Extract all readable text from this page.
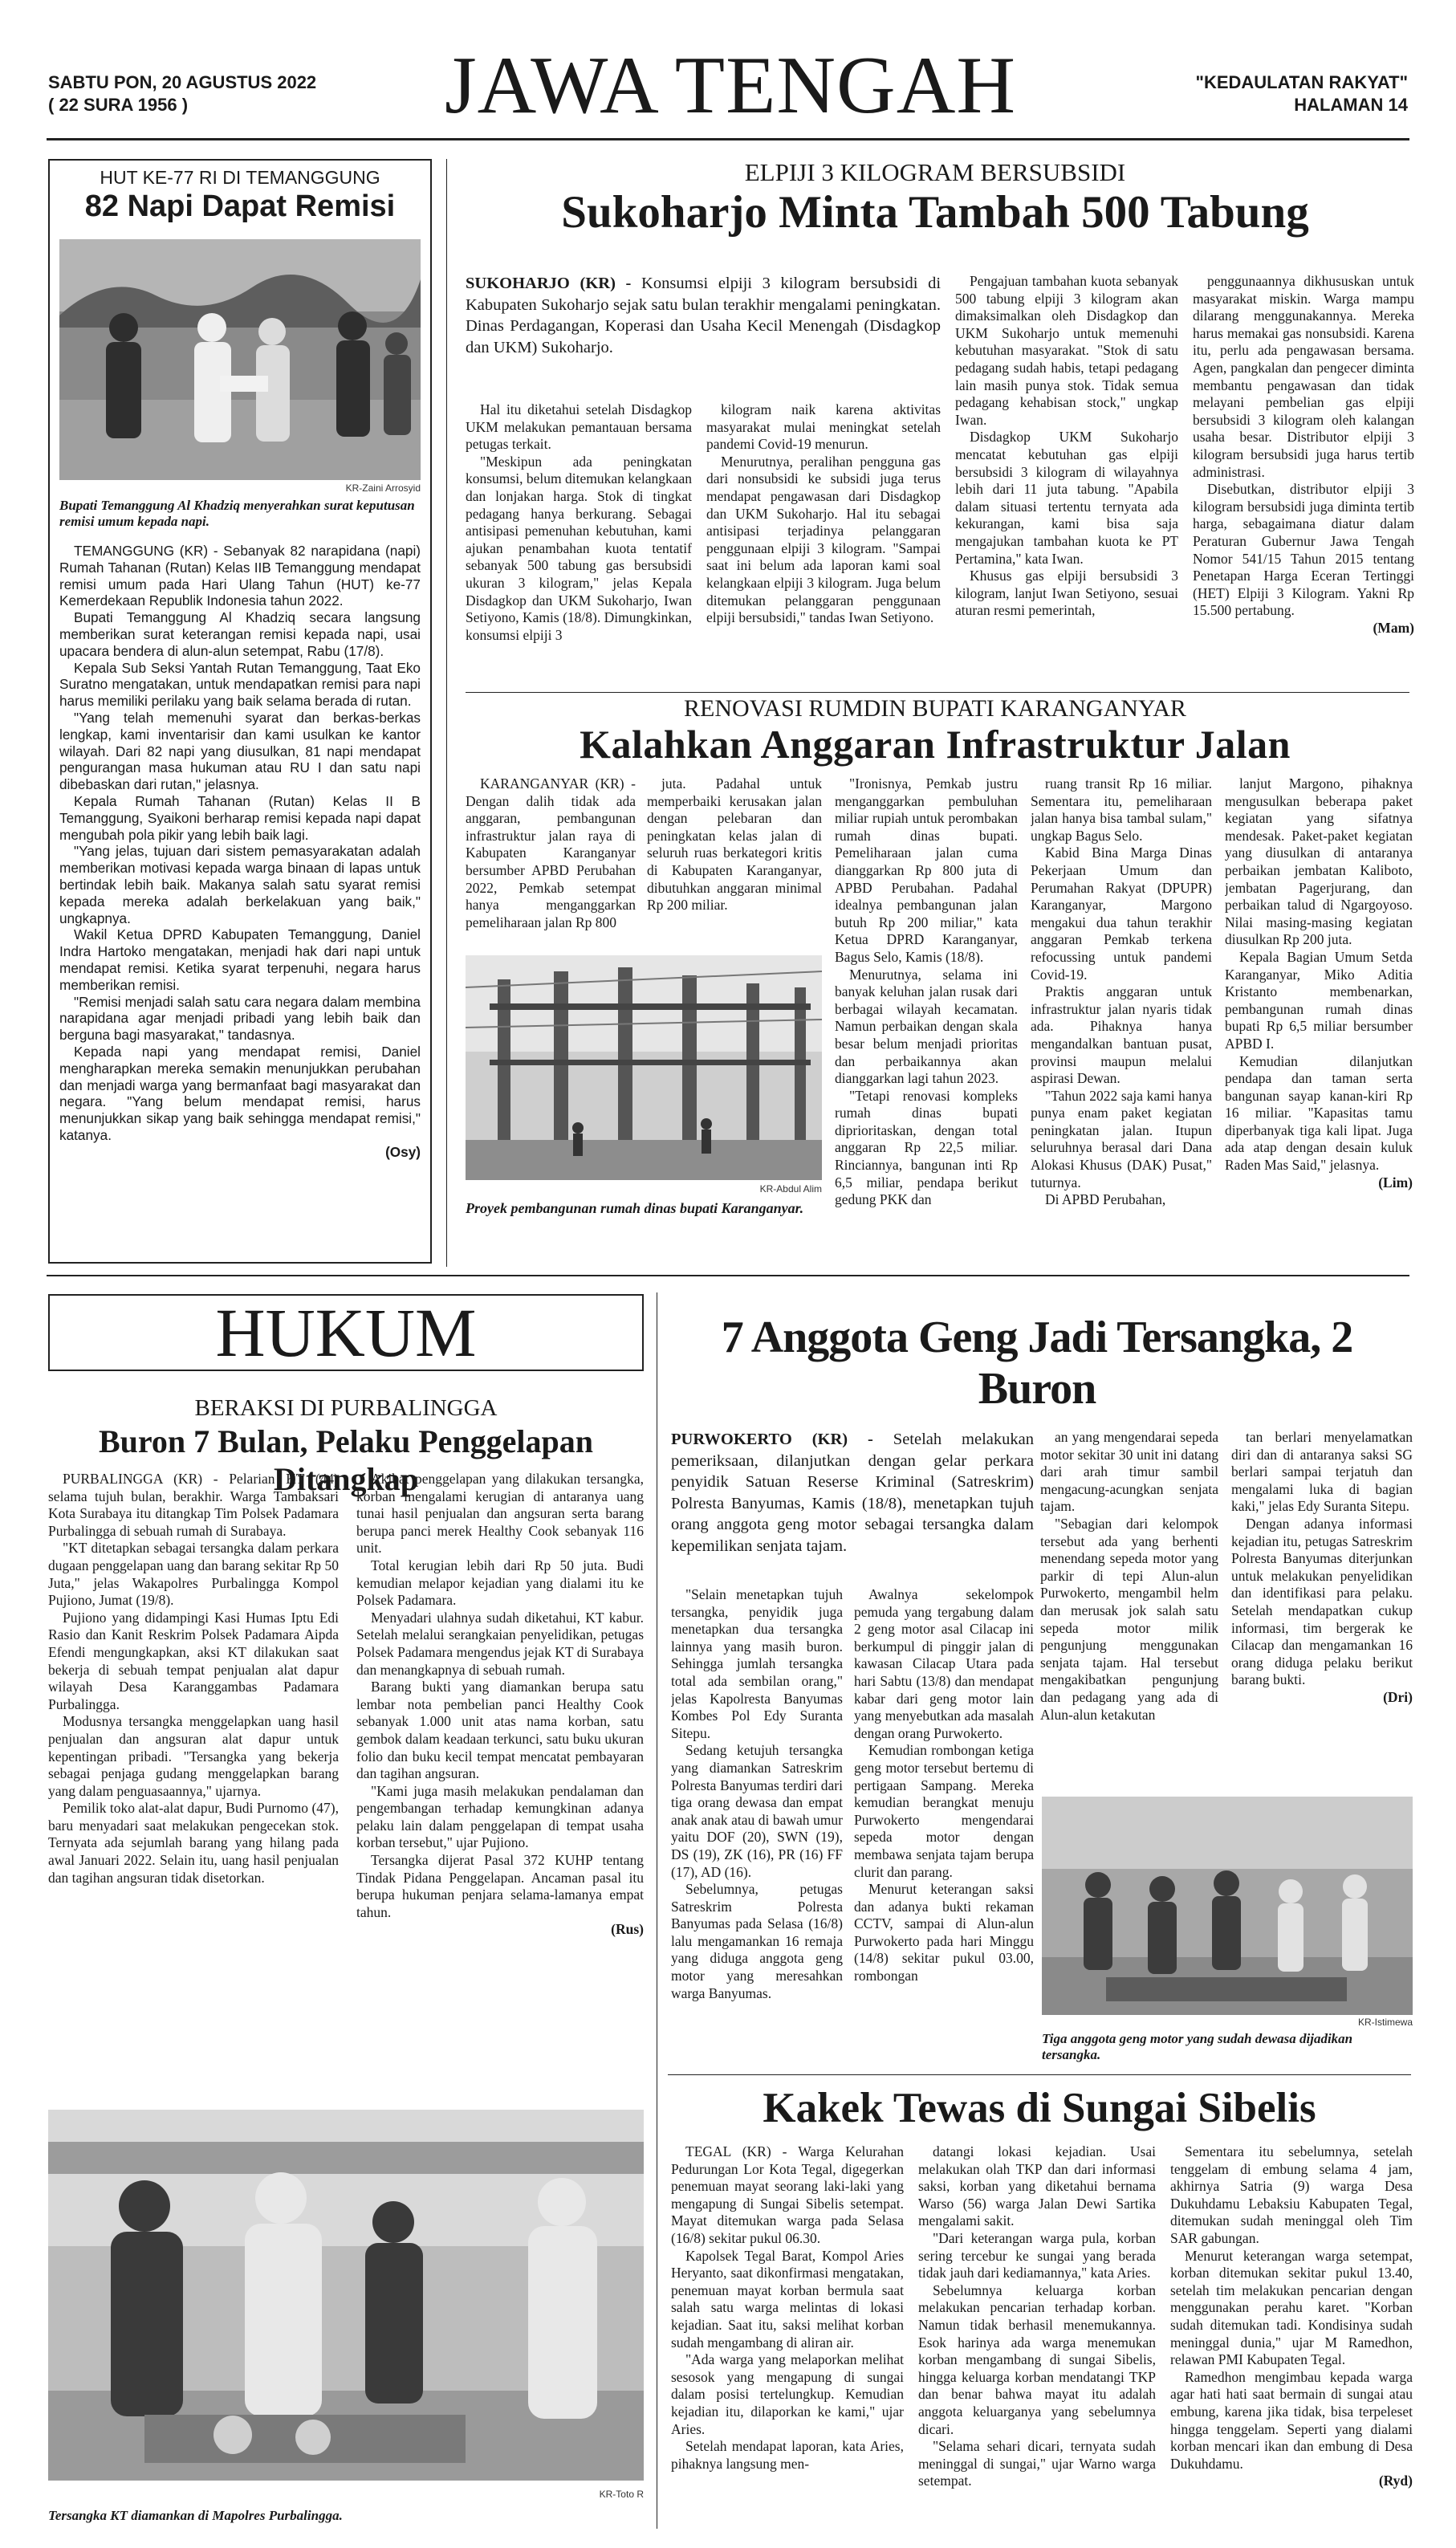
SABTU PON, 20 AGUSTUS 2022
( 22 SURA 1956 )	JAWA TENGAH	"KEDAULATAN RAKYAT"
HALAMAN 14
HUT KE-77 RI DI TEMANGGUNG
82 Napi Dapat Remisi
KR-Zaini Arrosyid
Bupati Temanggung Al Khadziq menyerahkan surat keputusan remisi umum kepada napi.

TEMANGGUNG (KR) - Sebanyak 82 narapidana (napi) Rumah Tahanan (Rutan) Kelas IIB Temanggung mendapat remisi umum pada Hari Ulang Tahun (HUT) ke-77 Kemerdekaan Republik Indonesia tahun 2022.

Bupati Temanggung Al Khadziq secara langsung memberikan surat keterangan remisi kepada napi, usai upacara bendera di alun-alun setempat, Rabu (17/8).

Kepala Sub Seksi Yantah Rutan Temanggung, Taat Eko Suratno mengatakan, untuk mendapatkan remisi para napi harus memiliki perilaku yang baik selama berada di rutan.

"Yang telah memenuhi syarat dan berkas-berkas lengkap, kami inventarisir dan kami usulkan ke kantor wilayah. Dari 82 napi yang diusulkan, 81 napi mendapat pengurangan masa hukuman atau RU I dan satu napi dibebaskan dari rutan," jelasnya.

Kepala Rumah Tahanan (Rutan) Kelas II B Temanggung, Syaikoni berharap remisi kepada napi dapat mengubah pola pikir yang lebih baik lagi.

"Yang jelas, tujuan dari sistem pemasyarakatan adalah memberikan motivasi kepada warga binaan di lapas untuk bertindak lebih baik. Makanya salah satu syarat remisi kepada mereka adalah berkelakuan yang baik," ungkapnya.

Wakil Ketua DPRD Kabupaten Temanggung, Daniel Indra Hartoko mengatakan, menjadi hak dari napi untuk mendapat remisi. Ketika syarat terpenuhi, negara harus memberikan remisi.

"Remisi menjadi salah satu cara negara dalam membina narapidana agar menjadi pribadi yang lebih baik dan berguna bagi masyarakat," tandasnya.

Kepada napi yang mendapat remisi, Daniel mengharapkan mereka semakin menunjukkan perubahan dan menjadi warga yang bermanfaat bagi masyarakat dan negara. "Yang belum mendapat remisi, harus menunjukkan sikap yang baik sehingga mendapat remisi," katanya.

(Osy)

ELPIJI 3 KILOGRAM BERSUBSIDI
Sukoharjo Minta Tambah 500 Tabung
SUKOHARJO (KR) - Konsumsi elpiji 3 kilogram bersubsidi di Kabupaten Sukoharjo sejak satu bulan terakhir mengalami peningkatan. Dinas Perdagangan, Koperasi dan Usaha Kecil Menengah (Disdagkop dan UKM) Sukoharjo.

Hal itu diketahui setelah Disdagkop UKM melakukan pemantauan bersama petugas terkait.

"Meskipun ada peningkatan konsumsi, belum ditemukan kelangkaan dan lonjakan harga. Stok di tingkat pedagang hanya berkurang. Sebagai antisipasi pemenuhan kebutuhan, kami ajukan penambahan kuota tentatif sebanyak 500 tabung gas bersubsidi ukuran 3 kilogram," jelas Kepala Disdagkop dan UKM Sukoharjo, Iwan Setiyono, Kamis (18/8). Dimungkinkan, konsumsi elpiji 3

kilogram naik karena aktivitas masyarakat mulai meningkat setelah pandemi Covid-19 menurun.

Menurutnya, peralihan pengguna gas dari nonsubsidi ke subsidi juga terus mendapat pengawasan dari Disdagkop dan UKM Sukoharjo. Hal itu sebagai antisipasi terjadinya pelanggaran penggunaan elpiji 3 kilogram. "Sampai saat ini belum ada laporan kami soal kelangkaan elpiji 3 kilogram. Juga belum ditemukan pelanggaran penggunaan elpiji bersubsidi," tandas Iwan Setiyono.

Pengajuan tambahan kuota sebanyak 500 tabung elpiji 3 kilogram akan dimaksimalkan oleh Disdagkop dan UKM Sukoharjo untuk memenuhi kebutuhan masyarakat. "Stok di satu pedagang sudah habis, tetapi pedagang lain masih punya stok. Tidak semua pedagang kehabisan stock," ungkap Iwan.

Disdagkop UKM Sukoharjo mencatat kebutuhan gas elpiji bersubsidi 3 kilogram di wilayahnya lebih dari 11 juta tabung. "Apabila dalam situasi tertentu ternyata ada kekurangan, kami bisa saja mengajukan tambahan kuota ke PT Pertamina," kata Iwan.

Khusus gas elpiji bersubsidi 3 kilogram, lanjut Iwan Setiyono, sesuai aturan resmi pemerintah,

penggunaannya dikhususkan untuk masyarakat miskin. Warga mampu dilarang menggunakannya. Mereka harus memakai gas nonsubsidi. Karena itu, perlu ada pengawasan bersama. Agen, pangkalan dan pengecer diminta membantu pengawasan dan tidak melayani pembelian gas elpiji bersubsidi 3 kilogram oleh kalangan usaha besar. Distributor elpiji 3 kilogram bersubsidi juga harus tertib administrasi.

Disebutkan, distributor elpiji 3 kilogram bersubsidi juga diminta tertib harga, sebagaimana diatur dalam Peraturan Gubernur Jawa Tengah Nomor 541/15 Tahun 2015 tentang Penetapan Harga Eceran Tertinggi (HET) Elpiji 3 Kilogram. Yakni Rp 15.500 pertabung.

(Mam)

RENOVASI RUMDIN BUPATI KARANGANYAR
Kalahkan Anggaran Infrastruktur Jalan

KARANGANYAR (KR) - Dengan dalih tidak ada anggaran, pembangunan infrastruktur jalan raya di Kabupaten Karanganyar bersumber APBD Perubahan 2022, Pemkab setempat hanya menganggarkan pemeliharaan jalan Rp 800

juta. Padahal untuk memperbaiki kerusakan jalan dengan pelebaran dan peningkatan kelas jalan di seluruh ruas berkategori kritis di Kabupaten Karanganyar, dibutuhkan anggaran minimal Rp 200 miliar.

KR-Abdul Alim
Proyek pembangunan rumah dinas bupati Karanganyar.

"Ironisnya, Pemkab justru menganggarkan pembuluhan miliar rupiah untuk perombakan rumah dinas bupati. Pemeliharaan jalan cuma dianggarkan Rp 800 juta di APBD Perubahan. Padahal idealnya pembangunan jalan butuh Rp 200 miliar," kata Ketua DPRD Karanganyar, Bagus Selo, Kamis (18/8).

Menurutnya, selama ini banyak keluhan jalan rusak dari berbagai wilayah kecamatan. Namun perbaikan dengan skala besar belum menjadi prioritas dan perbaikannya akan dianggarkan lagi tahun 2023.

"Tetapi renovasi kompleks rumah dinas bupati diprioritaskan, dengan total anggaran Rp 22,5 miliar. Rinciannya, bangunan inti Rp 6,5 miliar, pendapa berikut gedung PKK dan

ruang transit Rp 16 miliar. Sementara itu, pemeliharaan jalan hanya bisa tambal sulam," ungkap Bagus Selo.

Kabid Bina Marga Dinas Pekerjaan Umum dan Perumahan Rakyat (DPUPR) Karanganyar, Margono mengakui dua tahun terakhir anggaran Pemkab terkena refocussing untuk pandemi Covid-19.

Praktis anggaran untuk infrastruktur jalan nyaris tidak ada. Pihaknya hanya mengandalkan bantuan pusat, provinsi maupun melalui aspirasi Dewan.

"Tahun 2022 saja kami hanya punya enam paket kegiatan peningkatan jalan. Itupun seluruhnya berasal dari Dana Alokasi Khusus (DAK) Pusat," tuturnya.

Di APBD Perubahan,

lanjut Margono, pihaknya mengusulkan beberapa paket kegiatan yang sifatnya mendesak. Paket-paket kegiatan yang diusulkan di antaranya perbaikan jembatan Kaliboto, jembatan Pagerjurang, dan perbaikan talud di Ngargoyoso. Nilai masing-masing kegiatan diusulkan Rp 200 juta.

Kepala Bagian Umum Setda Karanganyar, Miko Aditia Kristanto membenarkan, pembangunan rumah dinas bupati Rp 6,5 miliar bersumber APBD I.

Kemudian dilanjutkan pendapa dan taman serta bangunan sayap kanan-kiri Rp 16 miliar. "Kapasitas tamu diperbanyak tiga kali lipat. Juga ada atap dengan desain kuluk Raden Mas Said," jelasnya.

(Lim)

HUKUM
BERAKSI DI PURBALINGGA
Buron 7 Bulan, Pelaku Penggelapan Ditangkap

PURBALINGGA (KR) - Pelarian KT (44) selama tujuh bulan, berakhir. Warga Tambaksari Kota Surabaya itu ditangkap Tim Polsek Padamara Purbalingga di sebuah rumah di Surabaya.

"KT ditetapkan sebagai tersangka dalam perkara dugaan penggelapan uang dan barang sekitar Rp 50 Juta," jelas Wakapolres Purbalingga Kompol Pujiono, Jumat (19/8).

Pujiono yang didampingi Kasi Humas Iptu Edi Rasio dan Kanit Reskrim Polsek Padamara Aipda Efendi mengungkapkan, aksi KT dilakukan saat bekerja di sebuah tempat penjualan alat dapur wilayah Desa Karanggambas Padamara Purbalingga.

Modusnya tersangka menggelapkan uang hasil penjualan dan angsuran alat dapur untuk kepentingan pribadi. "Tersangka yang bekerja sebagai penjaga gudang menggelapkan barang yang dalam penguasaannya," ujarnya.

Pemilik toko alat-alat dapur, Budi Purnomo (47), baru menyadari saat melakukan pengecekan stok. Ternyata ada sejumlah barang yang hilang pada awal Januari 2022. Selain itu, uang hasil penjualan dan tagihan angsuran tidak disetorkan.

Akibat penggelapan yang dilakukan tersangka, korban mengalami kerugian di antaranya uang tunai hasil penjualan dan angsuran serta barang berupa panci merek Healthy Cook sebanyak 116 unit.

Total kerugian lebih dari Rp 50 juta. Budi kemudian melapor kejadian yang dialami itu ke Polsek Padamara.

Menyadari ulahnya sudah diketahui, KT kabur. Setelah melalui serangkaian penyelidikan, petugas Polsek Padamara mengendus jejak KT di Surabaya dan menangkapnya di sebuah rumah.

Barang bukti yang diamankan berupa satu lembar nota pembelian panci Healthy Cook sebanyak 1.000 unit atas nama korban, satu gembok dalam keadaan terkunci, satu buku ukuran folio dan buku kecil tempat mencatat pembayaran dan tagihan angsuran.

"Kami juga masih melakukan pendalaman dan pengembangan terhadap kemungkinan adanya pelaku lain dalam penggelapan di tempat usaha korban tersebut," ujar Pujiono.

Tersangka dijerat Pasal 372 KUHP tentang Tindak Pidana Penggelapan. Ancaman pasal itu berupa hukuman penjara selama-lamanya empat tahun.

(Rus)

KR-Toto R
Tersangka KT diamankan di Mapolres Purbalingga.
7 Anggota Geng Jadi Tersangka, 2 Buron
PURWOKERTO (KR) - Setelah melakukan pemeriksaan, dilanjutkan dengan gelar perkara penyidik Satuan Reserse Kriminal (Satreskrim) Polresta Banyumas, Kamis (18/8), menetapkan tujuh orang anggota geng motor sebagai tersangka dalam kepemilikan senjata tajam.

"Selain menetapkan tujuh tersangka, penyidik juga menetapkan dua tersangka lainnya yang masih buron. Sehingga jumlah tersangka total ada sembilan orang," jelas Kapolresta Banyumas Kombes Pol Edy Suranta Sitepu.

Sedang ketujuh tersangka yang diamankan Satreskrim Polresta Banyumas terdiri dari tiga orang dewasa dan empat anak anak atau di bawah umur yaitu DOF (20), SWN (19), DS (19), ZK (16), PR (16) FF (17), AD (16).

Sebelumnya, petugas Satreskrim Polresta Banyumas pada Selasa (16/8) lalu mengamankan 16 remaja yang diduga anggota geng motor yang meresahkan warga Banyumas.

Awalnya sekelompok pemuda yang tergabung dalam 2 geng motor asal Cilacap ini berkumpul di pinggir jalan di kawasan Cilacap Utara pada hari Sabtu (13/8) dan mendapat kabar dari geng motor lain yang menyebutkan ada masalah dengan orang Purwokerto.

Kemudian rombongan ketiga geng motor tersebut bertemu di pertigaan Sampang. Mereka kemudian berangkat menuju Purwokerto mengendarai sepeda motor dengan membawa senjata tajam berupa clurit dan parang.

Menurut keterangan saksi dan adanya bukti rekaman CCTV, sampai di Alun-alun Purwokerto pada hari Minggu (14/8) sekitar pukul 03.00, rombongan

an yang mengendarai sepeda motor sekitar 30 unit ini datang dari arah timur sambil mengacung-acungkan senjata tajam.

"Sebagian dari kelompok tersebut ada yang berhenti menendang sepeda motor yang parkir di tepi Alun-alun Purwokerto, mengambil helm dan merusak jok salah satu sepeda motor milik pengunjung menggunakan senjata tajam. Hal tersebut mengakibatkan pengunjung dan pedagang yang ada di Alun-alun ketakutan

tan berlari menyelamatkan diri dan di antaranya saksi SG berlari sampai terjatuh dan mengalami luka di bagian kaki," jelas Edy Suranta Sitepu.

Dengan adanya informasi kejadian itu, petugas Satreskrim Polresta Banyumas diterjunkan untuk melakukan penyelidikan dan identifikasi para pelaku. Setelah mendapatkan cukup informasi, tim bergerak ke Cilacap dan mengamankan 16 orang diduga pelaku berikut barang bukti.

(Dri)

KR-Istimewa
Tiga anggota geng motor yang sudah dewasa dijadikan tersangka.
Kakek Tewas di Sungai Sibelis

TEGAL (KR) - Warga Kelurahan Pedurungan Lor Kota Tegal, digegerkan penemuan mayat seorang laki-laki yang mengapung di Sungai Sibelis setempat. Mayat ditemukan warga pada Selasa (16/8) sekitar pukul 06.30.

Kapolsek Tegal Barat, Kompol Aries Heryanto, saat dikonfirmasi mengatakan, penemuan mayat korban bermula saat salah satu warga melintas di lokasi kejadian. Saat itu, saksi melihat korban sudah mengambang di aliran air.

"Ada warga yang melaporkan melihat sesosok yang mengapung di sungai dalam posisi tertelungkup. Kemudian kejadian itu, dilaporkan ke kami," ujar Aries.

Setelah mendapat laporan, kata Aries, pihaknya langsung men-

datangi lokasi kejadian. Usai melakukan olah TKP dan dari informasi saksi, korban yang diketahui bernama Warso (56) warga Jalan Dewi Sartika mengalami sakit.

"Dari keterangan warga pula, korban sering tercebur ke sungai yang berada tidak jauh dari kediamannya," kata Aries.

Sebelumnya keluarga korban melakukan pencarian terhadap korban. Namun tidak berhasil menemukannya. Esok harinya ada warga menemukan korban mengambang di sungai Sibelis, hingga keluarga korban mendatangi TKP dan benar bahwa mayat itu adalah anggota keluarganya yang sebelumnya dicari.

"Selama sehari dicari, ternyata sudah meninggal di sungai," ujar Warno warga setempat.

Sementara itu sebelumnya, setelah tenggelam di embung selama 4 jam, akhirnya Satria (9) warga Desa Dukuhdamu Lebaksiu Kabupaten Tegal, ditemukan sudah meninggal oleh Tim SAR gabungan.

Menurut keterangan warga setempat, korban ditemukan sekitar pukul 13.40, setelah tim melakukan pencarian dengan menggunakan perahu karet. "Korban sudah ditemukan tadi. Kondisinya sudah meninggal dunia," ujar M Ramedhon, relawan PMI Kabupaten Tegal.

Ramedhon mengimbau kepada warga agar hati hati saat bermain di sungai atau embung, karena jika tidak, bisa terpeleset hingga tenggelam. Seperti yang dialami korban mencari ikan dan embung di Desa Dukuhdamu.

(Ryd)
